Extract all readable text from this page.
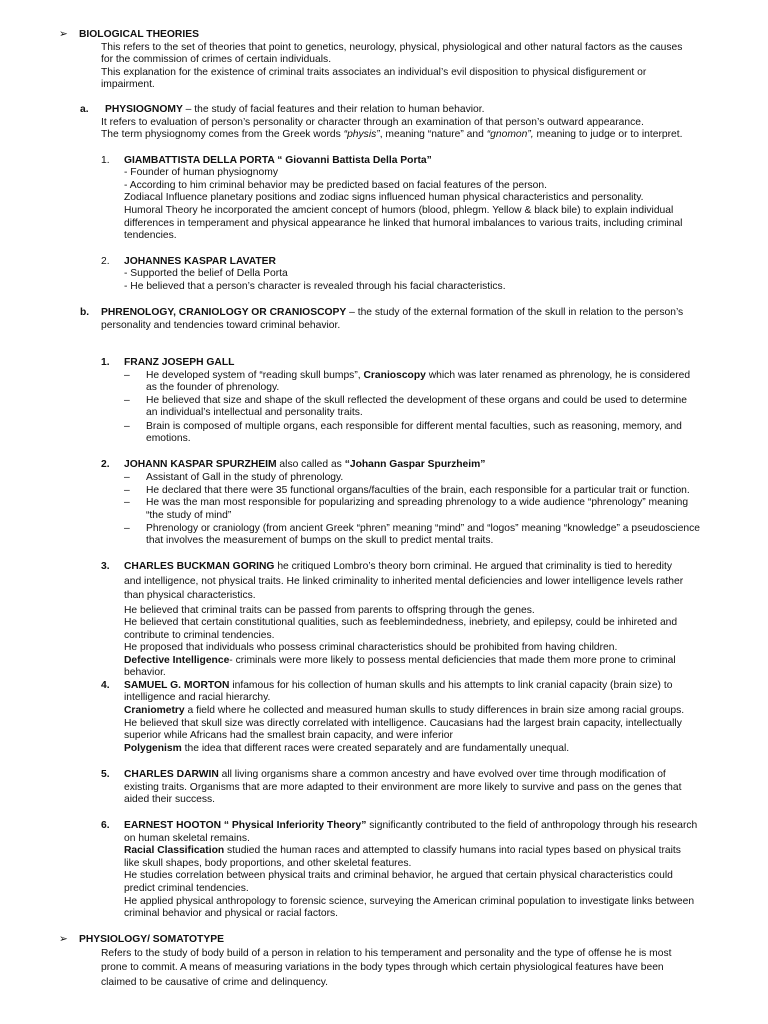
➢ BIOLOGICAL THEORIES
This refers to the set of theories that point to genetics, neurology, physical, physiological and other natural factors as the causes
for the commission of crimes of certain individuals.
This explanation for the existence of criminal traits associates an individual’s evil disposition to physical disfigurement or
impairment.
a. PHYSIOGNOMY – the study of facial features and their relation to human behavior.
It refers to evaluation of person’s personality or character through an examination of that person’s outward appearance.
The term physiognomy comes from the Greek words “physis”, meaning “nature” and “gnomon”, meaning to judge or to interpret.
1. GIAMBATTISTA DELLA PORTA “ Giovanni Battista Della Porta”
- Founder of human physiognomy
- According to him criminal behavior may be predicted based on facial features of the person.
Zodiacal Influence planetary positions and zodiac signs influenced human physical characteristics and personality.
Humoral Theory he incorporated the amcient concept of humors (blood, phlegm. Yellow & black bile) to explain individual
differences in temperament and physical appearance he linked that humoral imbalances to various traits, including criminal
tendencies.
2. JOHANNES KASPAR LAVATER
- Supported the belief of Della Porta
- He believed that a person’s character is revealed through his facial characteristics.
b. PHRENOLOGY, CRANIOLOGY OR CRANIOSCOPY – the study of the external formation of the skull in relation to the person’s
personality and tendencies toward criminal behavior.
1. FRANZ JOSEPH GALL
– He developed system of “reading skull bumps”, Cranioscopy which was later renamed as phrenology, he is considered
as the founder of phrenology.
– He believed that size and shape of the skull reflected the development of these organs and could be used to determine
an individual’s intellectual and personality traits.
– Brain is composed of multiple organs, each responsible for different mental faculties, such as reasoning, memory, and
emotions.
2. JOHANN KASPAR SPURZHEIM also called as “Johann Gaspar Spurzheim”
– Assistant of Gall in the study of phrenology.
– He declared that there were 35 functional organs/faculties of the brain, each responsible for a particular trait or function.
– He was the man most responsible for popularizing and spreading phrenology to a wide audience “phrenology” meaning
“the study of mind”
– Phrenology or craniology (from ancient Greek “phren” meaning “mind” and “logos” meaning “knowledge” a pseudoscience
that involves the measurement of bumps on the skull to predict mental traits.
3. CHARLES BUCKMAN GORING he critiqued Lombro’s theory born criminal. He argued that criminality is tied to heredity
and intelligence, not physical traits. He linked criminality to inherited mental deficiencies and lower intelligence levels rather
than physical characteristics.
He believed that criminal traits can be passed from parents to offspring through the genes.
He believed that certain constitutional qualities, such as feeblemindedness, inebriety, and epilepsy, could be inhireted and
contribute to criminal tendencies.
He proposed that individuals who possess criminal characteristics should be prohibited from having children.
Defective Intelligence- criminals were more likely to possess mental deficiencies that made them more prone to criminal
behavior.
4. SAMUEL G. MORTON infamous for his collection of human skulls and his attempts to link cranial capacity (brain size) to
intelligence and racial hierarchy.
Craniometry a field where he collected and measured human skulls to study differences in brain size among racial groups.
He believed that skull size was directly correlated with intelligence. Caucasians had the largest brain capacity, intellectually
superior while Africans had the smallest brain capacity, and were inferior
Polygenism the idea that different races were created separately and are fundamentally unequal.
5. CHARLES DARWIN all living organisms share a common ancestry and have evolved over time through modification of
existing traits. Organisms that are more adapted to their environment are more likely to survive and pass on the genes that
aided their success.
6. EARNEST HOOTON “ Physical Inferiority Theory” significantly contributed to the field of anthropology through his research
on human skeletal remains.
Racial Classification studied the human races and attempted to classify humans into racial types based on physical traits
like skull shapes, body proportions, and other skeletal features.
He studies correlation between physical traits and criminal behavior, he argued that certain physical characteristics could
predict criminal tendencies.
He applied physical anthropology to forensic science, surveying the American criminal population to investigate links between
criminal behavior and physical or racial factors.
➢ PHYSIOLOGY/ SOMATOTYPE
Refers to the study of body build of a person in relation to his temperament and personality and the type of offense he is most
prone to commit. A means of measuring variations in the body types through which certain physiological features have been
claimed to be causative of crime and delinquency.
